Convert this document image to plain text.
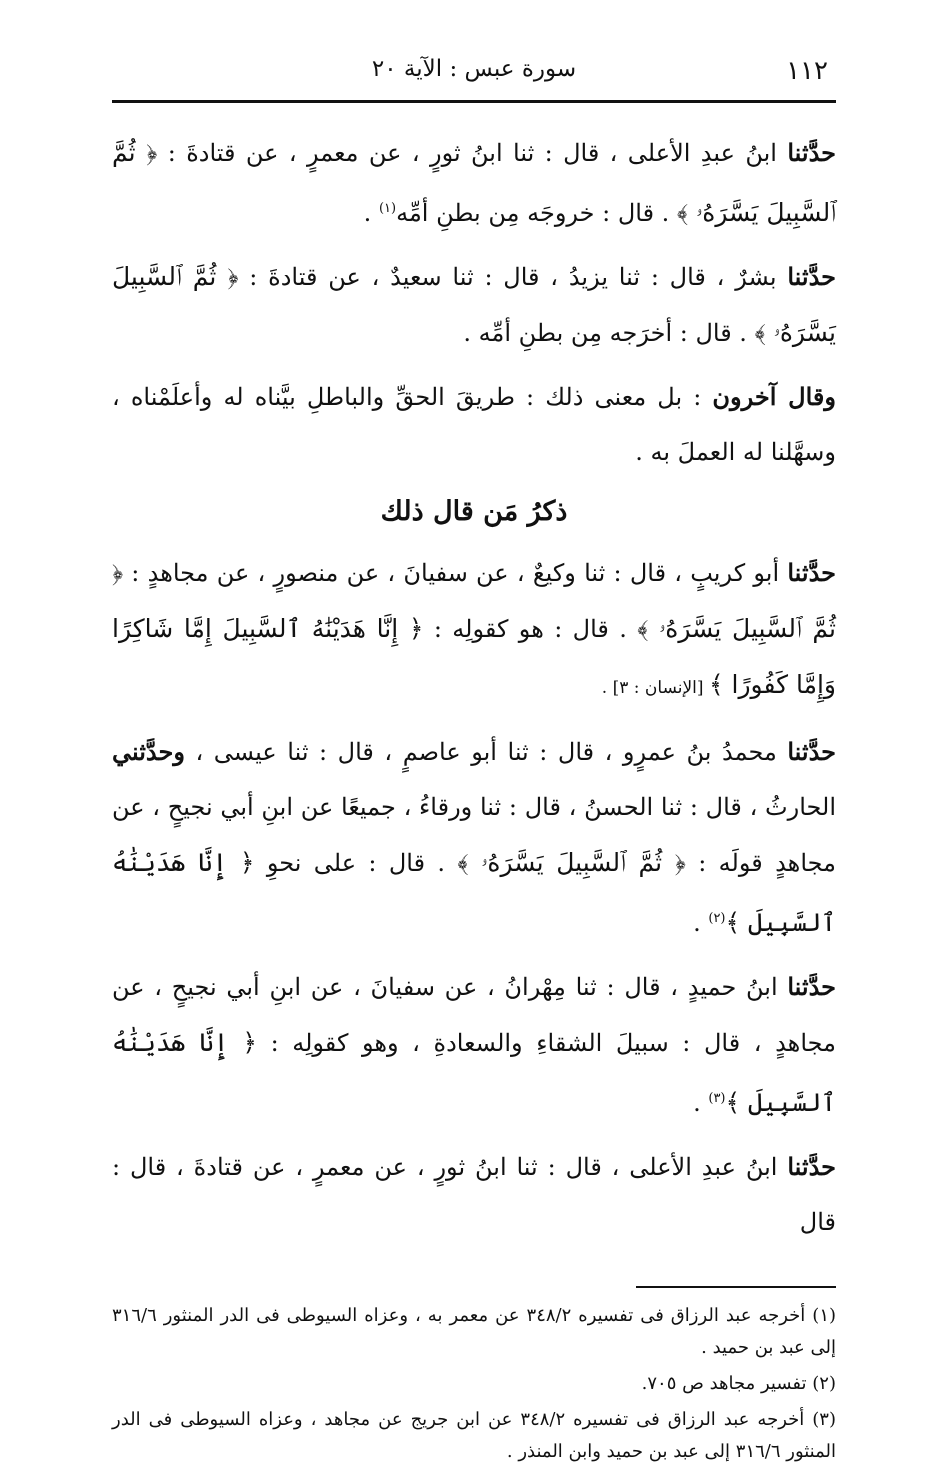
١١٢
سورة عبس : الآية ٢٠

حدَّثنا ابنُ عبدِ الأعلى ، قال : ثنا ابنُ ثورٍ ، عن معمرٍ ، عن قتادةَ : ﴿ ثُمَّ ٱلسَّبِيلَ يَسَّرَهُۥ ﴾ . قال : خروجَه مِن بطنِ أمِّه$^{(١)}$ .

حدَّثنا بشرٌ ، قال : ثنا يزيدُ ، قال : ثنا سعيدٌ ، عن قتادةَ : ﴿ ثُمَّ ٱلسَّبِيلَ يَسَّرَهُۥ ﴾ . قال : أخرَجه مِن بطنِ أمِّه .

وقال آخرون : بل معنى ذلك : طريقَ الحقِّ والباطلِ بيَّناه له وأعلَمْناه ، وسهَّلنا له العملَ به .

ذكرُ مَن قال ذلك

حدَّثنا أبو كريبٍ ، قال : ثنا وكيعٌ ، عن سفيانَ ، عن منصورٍ ، عن مجاهدٍ : ﴿ ثُمَّ ٱلسَّبِيلَ يَسَّرَهُۥ ﴾ . قال : هو كقولِه : ﴿ إِنَّا هَدَيْنَٰهُ ٱلسَّبِيلَ إِمَّا شَاكِرًا وَإِمَّا كَفُورًا ﴾ [الإنسان : ٣] .

حدَّثنا محمدُ بنُ عمرٍو ، قال : ثنا أبو عاصمٍ ، قال : ثنا عيسى ، وحدَّثني الحارثُ ، قال : ثنا الحسنُ ، قال : ثنا ورقاءُ ، جميعًا عن ابنِ أبي نجيحٍ ، عن مجاهدٍ قولَه : ﴿ ثُمَّ ٱلسَّبِيلَ يَسَّرَهُۥ ﴾ . قال : على نحوِ ﴿ إِنَّا هَدَيْنَٰهُ ٱلسَّبِيلَ ﴾$^{(٢)}$ .

حدَّثنا ابنُ حميدٍ ، قال : ثنا مِهْرانُ ، عن سفيانَ ، عن ابنِ أبي نجيحٍ ، عن مجاهدٍ ، قال : سبيلَ الشقاءِ والسعادةِ ، وهو كقولِه : ﴿ إِنَّا هَدَيْنَٰهُ ٱلسَّبِيلَ ﴾$^{(٣)}$ .

حدَّثنا ابنُ عبدِ الأعلى ، قال : ثنا ابنُ ثورٍ ، عن معمرٍ ، عن قتادةَ ، قال : قال

(١) أخرجه عبد الرزاق فى تفسيره ٣٤٨/٢ عن معمر به ، وعزاه السيوطى فى الدر المنثور ٣١٦/٦ إلى عبد بن حميد .

(٢) تفسير مجاهد ص ٧٠٥.

(٣) أخرجه عبد الرزاق فى تفسيره ٣٤٨/٢ عن ابن جريج عن مجاهد ، وعزاه السيوطى فى الدر المنثور ٣١٦/٦ إلى عبد بن حميد وابن المنذر .
